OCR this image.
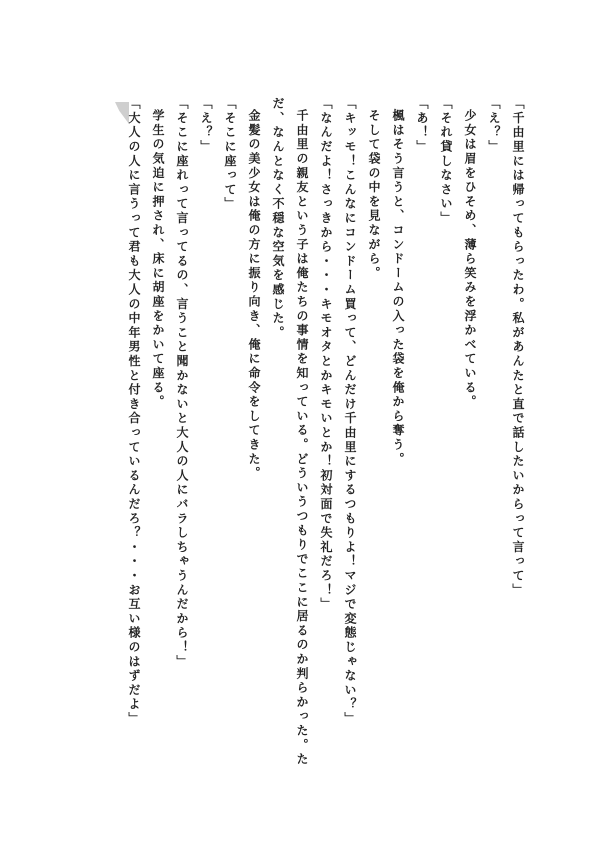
「千由里には帰ってもらったわ。私があんたと直で話したいからって言って」
「え？」
少女は眉をひそめ、薄ら笑みを浮かべている。
「それ貸しなさい」
「あ！」
楓はそう言うと、コンドームの入った袋を俺から奪う。
そして袋の中を見ながら。
「キッモ！こんなにコンドーム買って、どんだけ千由里にするつもりよ！マジで変態じゃない？」
「なんだよ！さっきから・・・キモオタとかキモいとか！初対面で失礼だろ！」
千由里の親友という子は俺たちの事情を知っている。どういうつもりでここに居るのか判らかった。た
だ、なんとなく不穏な空気を感じた。
金髪の美少女は俺の方に振り向き、俺に命令をしてきた。
「そこに座って」
「え？」
「そこに座れって言ってるの、言うこと聞かないと大人の人にバラしちゃうんだから！」
学生の気迫に押され、床に胡座をかいて座る。
「大人の人に言うって君も大人の中年男性と付き合っているんだろ？・・・お互い様のはずだよ」
